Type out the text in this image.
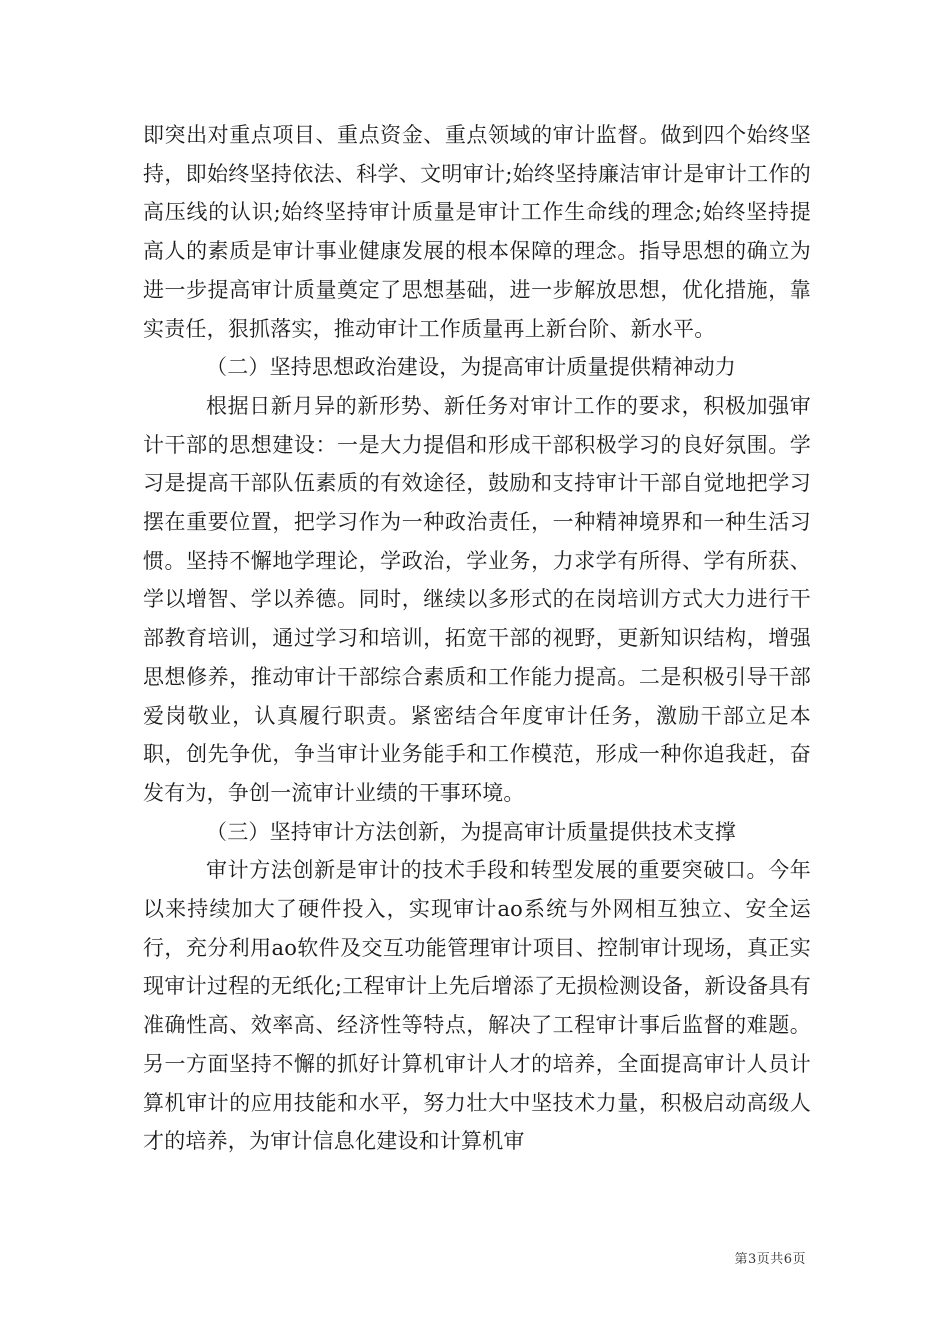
即突出对重点项目、重点资金、重点领域的审计监督。做到四个始终坚持，即始终坚持依法、科学、文明审计;始终坚持廉洁审计是审计工作的高压线的认识;始终坚持审计质量是审计工作生命线的理念;始终坚持提高人的素质是审计事业健康发展的根本保障的理念。指导思想的确立为进一步提高审计质量奠定了思想基础，进一步解放思想，优化措施，靠实责任，狠抓落实，推动审计工作质量再上新台阶、新水平。

（二）坚持思想政治建设，为提高审计质量提供精神动力

根据日新月异的新形势、新任务对审计工作的要求，积极加强审计干部的思想建设：一是大力提倡和形成干部积极学习的良好氛围。学习是提高干部队伍素质的有效途径，鼓励和支持审计干部自觉地把学习摆在重要位置，把学习作为一种政治责任，一种精神境界和一种生活习惯。坚持不懈地学理论，学政治，学业务，力求学有所得、学有所获、学以增智、学以养德。同时，继续以多形式的在岗培训方式大力进行干部教育培训，通过学习和培训，拓宽干部的视野，更新知识结构，增强思想修养，推动审计干部综合素质和工作能力提高。二是积极引导干部爱岗敬业，认真履行职责。紧密结合年度审计任务，激励干部立足本职，创先争优，争当审计业务能手和工作模范，形成一种你追我赶，奋发有为，争创一流审计业绩的干事环境。

（三）坚持审计方法创新，为提高审计质量提供技术支撑

审计方法创新是审计的技术手段和转型发展的重要突破口。今年以来持续加大了硬件投入，实现审计ao系统与外网相互独立、安全运行，充分利用ao软件及交互功能管理审计项目、控制审计现场，真正实现审计过程的无纸化;工程审计上先后增添了无损检测设备，新设备具有准确性高、效率高、经济性等特点，解决了工程审计事后监督的难题。另一方面坚持不懈的抓好计算机审计人才的培养，全面提高审计人员计算机审计的应用技能和水平，努力壮大中坚技术力量，积极启动高级人才的培养，为审计信息化建设和计算机审

第3页共6页
